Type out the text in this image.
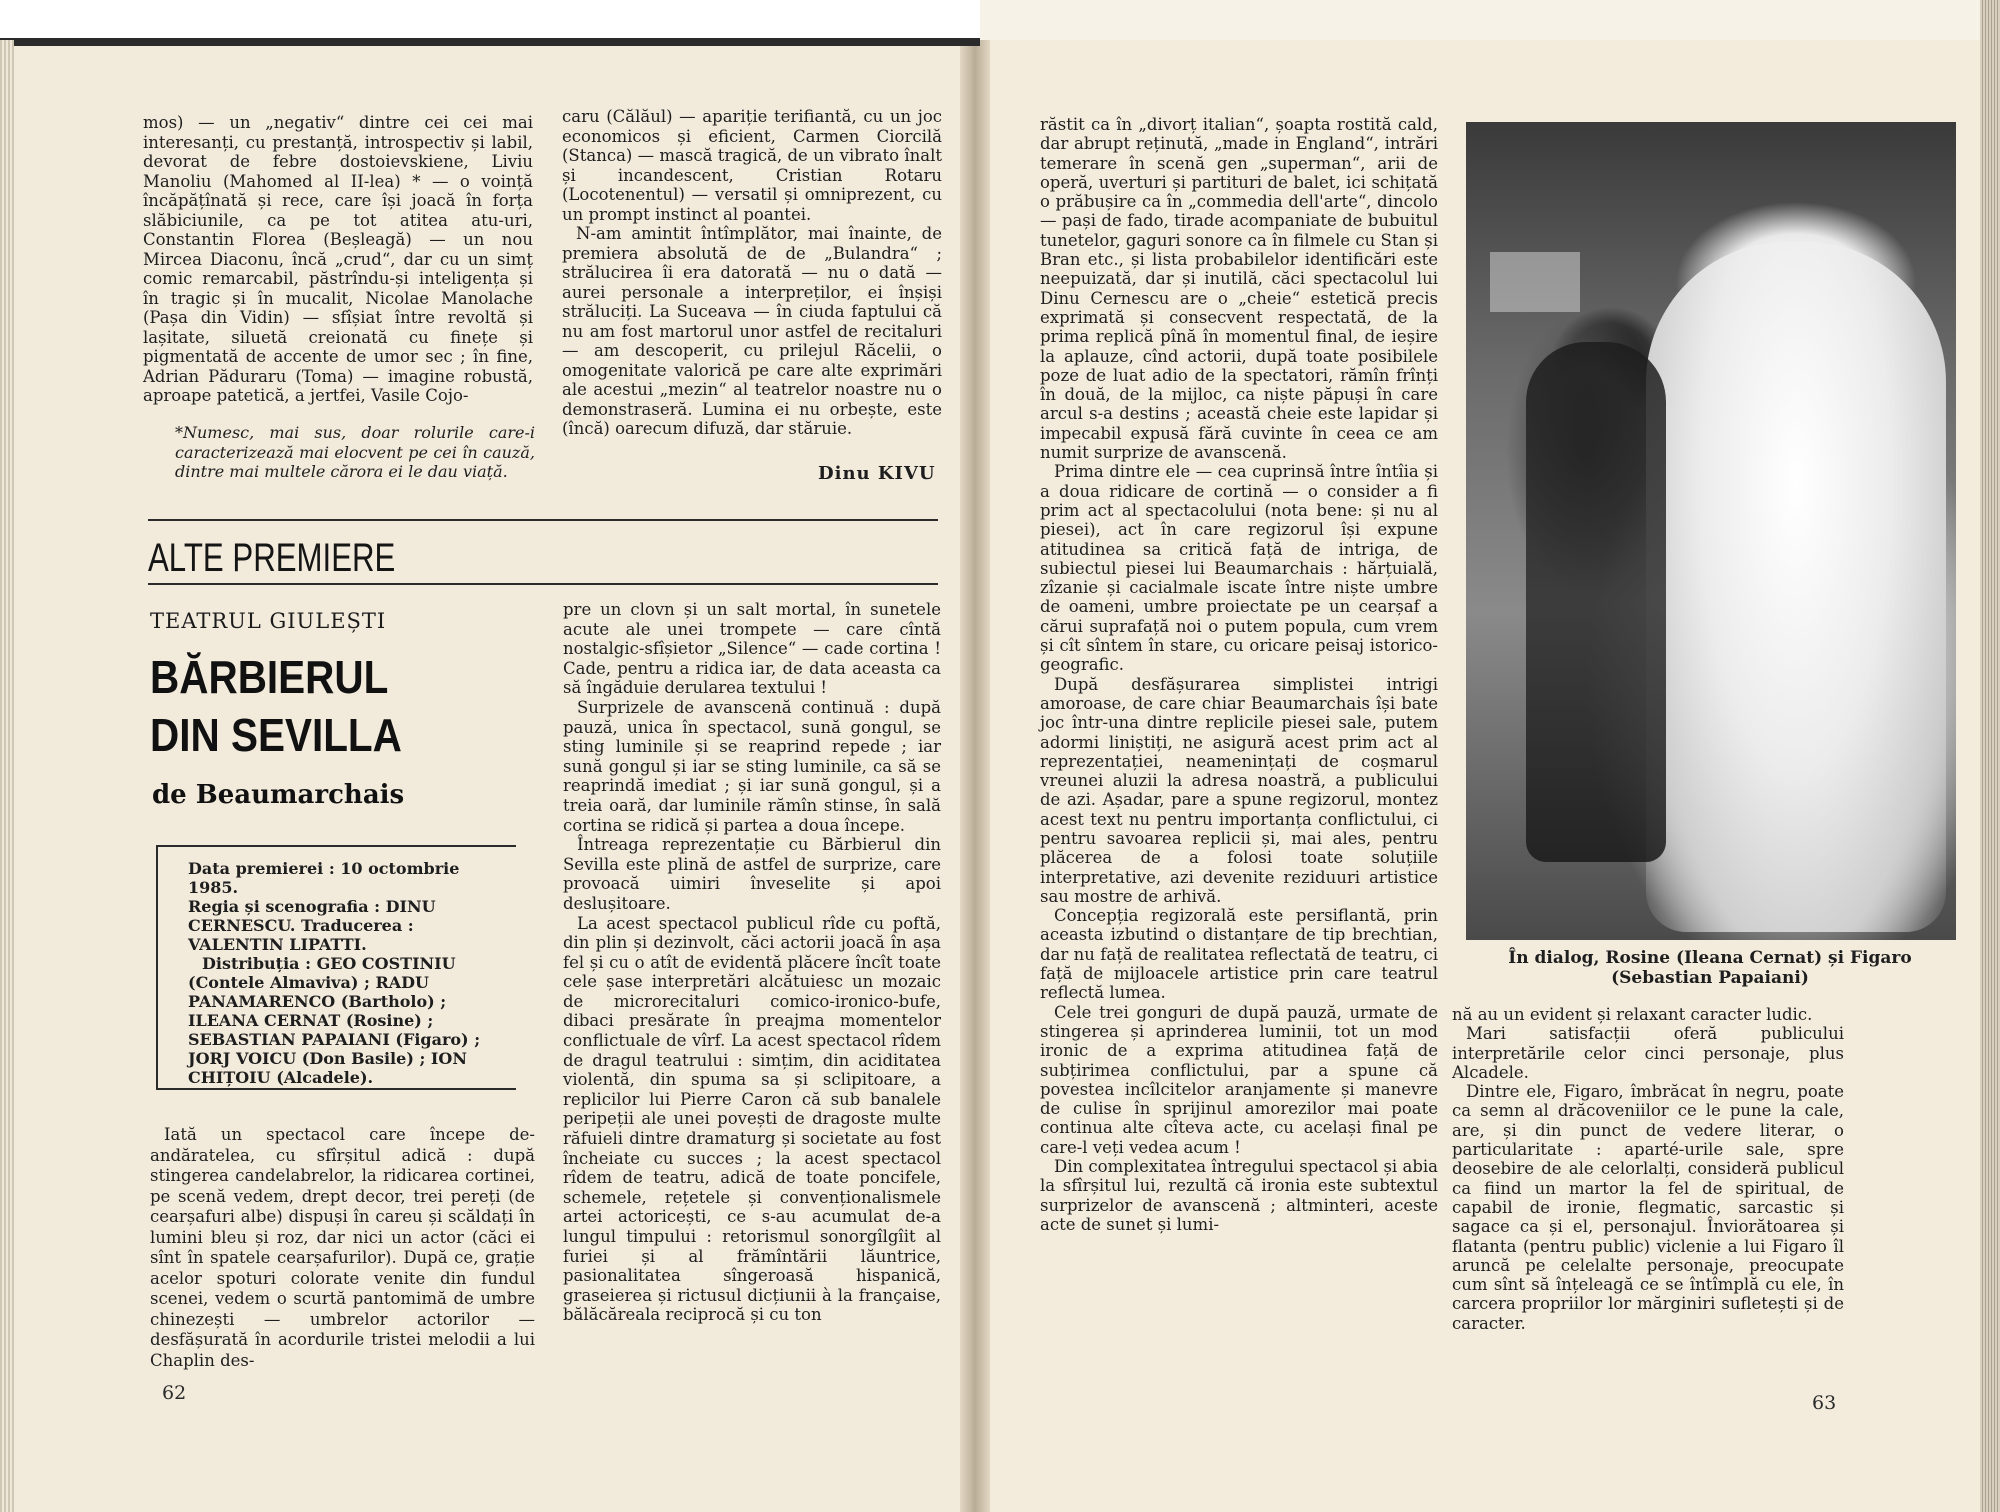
mos) — un „negativ“ dintre cei cei mai interesanți, cu prestanță, introspectiv și labil, devorat de febre dostoievskiene, Liviu Manoliu (Mahomed al II-lea) * — o voință încăpățînată și rece, care își joacă în forța slăbiciunile, ca pe tot atitea atu-uri, Constantin Florea (Beșleagă) — un nou Mircea Diaconu, încă „crud“, dar cu un simț comic remarcabil, păstrîndu-și inteligența și în tragic și în mucalit, Nicolae Manolache (Pașa din Vidin) — sfîșiat între revoltă și lașitate, siluetă creionată cu finețe și pigmentată de accente de umor sec ; în fine, Adrian Păduraru (Toma) — imagine robustă, aproape patetică, a jertfei, Vasile Cojo-

*Numesc, mai sus, doar rolurile care-i caracterizează mai elocvent pe cei în cauză, dintre mai multele cărora ei le dau viață.

caru (Călăul) — apariție terifiantă, cu un joc economicos și eficient, Carmen Ciorcilă (Stanca) — mască tragică, de un vibrato înalt și incandescent, Cristian Rotaru (Locotenentul) — versatil și omniprezent, cu un prompt instinct al poantei.

N-am amintit întîmplător, mai înainte, de premiera absolută de de „Bulandra“ ; strălucirea îi era datorată — nu o dată — aurei personale a interpreților, ei înșiși străluciți. La Suceava — în ciuda faptului că nu am fost martorul unor astfel de recitaluri — am descoperit, cu prilejul Răcelii, o omogenitate valorică pe care alte exprimări ale acestui „mezin“ al teatrelor noastre nu o demonstraseră. Lumina ei nu orbește, este (încă) oarecum difuză, dar stăruie.

Dinu KIVU
ALTE PREMIERE
TEATRUL GIULEȘTI
BĂRBIERUL DIN SEVILLA
de Beaumarchais

Data premierei : 10 octombrie 1985.

Regia și scenografia : DINU CERNESCU. Traducerea : VALENTIN LIPATTI.

Distribuția : GEO COSTINIU (Contele Almaviva) ; RADU PANAMARENCO (Bartholo) ; ILEANA CERNAT (Rosine) ; SEBASTIAN PAPAIANI (Figaro) ; JORJ VOICU (Don Basile) ; ION CHIȚOIU (Alcadele).

Iată un spectacol care începe de-andăratelea, cu sfîrșitul adică : după stingerea candelabrelor, la ridicarea cortinei, pe scenă vedem, drept decor, trei pereți (de cearșafuri albe) dispuși în careu și scăldați în lumini bleu și roz, dar nici un actor (căci ei sînt în spatele cearșafurilor). După ce, grație acelor spoturi colorate venite din fundul scenei, vedem o scurtă pantomimă de umbre chinezești — umbrelor actorilor — desfășurată în acordurile tristei melodii a lui Chaplin des-

pre un clovn și un salt mortal, în sunetele acute ale unei trompete — care cîntă nostalgic-sfîșietor „Silence“ — cade cortina ! Cade, pentru a ridica iar, de data aceasta ca să îngăduie derularea textului !

Surprizele de avanscenă continuă : după pauză, unica în spectacol, sună gongul, se sting luminile și se reaprind repede ; iar sună gongul și iar se sting luminile, ca să se reaprindă imediat ; și iar sună gongul, și a treia oară, dar luminile rămîn stinse, în sală cortina se ridică și partea a doua începe.

Întreaga reprezentație cu Bărbierul din Sevilla este plină de astfel de surprize, care provoacă uimiri înveselite și apoi deslușitoare.

La acest spectacol publicul rîde cu poftă, din plin și dezinvolt, căci actorii joacă în așa fel și cu o atît de evidentă plăcere încît toate cele șase interpretări alcătuiesc un mozaic de microrecitaluri comico-ironico-bufe, dibaci presărate în preajma momentelor conflictuale de vîrf. La acest spectacol rîdem de dragul teatrului : simțim, din aciditatea violentă, din spuma sa și sclipitoare, a replicilor lui Pierre Caron că sub banalele peripeții ale unei povești de dragoste multe răfuieli dintre dramaturg și societate au fost încheiate cu succes ; la acest spectacol rîdem de teatru, adică de toate poncifele, schemele, rețetele și convenționalismele artei actoricești, ce s-au acumulat de-a lungul timpului : retorismul sonorgîlgîit al furiei și al frămîntării lăuntrice, pasionalitatea sîngeroasă hispanică, graseierea și rictusul dicțiunii à la française, bălăcăreala reciprocă și cu ton

62

răstit ca în „divorț italian“, șoapta rostită cald, dar abrupt reținută, „made in England“, intrări temerare în scenă gen „superman“, arii de operă, uverturi și partituri de balet, ici schițată o prăbușire ca în „commedia dell'arte“, dincolo — pași de fado, tirade acompaniate de bubuitul tunetelor, gaguri sonore ca în filmele cu Stan și Bran etc., și lista probabilelor identificări este neepuizată, dar și inutilă, căci spectacolul lui Dinu Cernescu are o „cheie“ estetică precis exprimată și consecvent respectată, de la prima replică pînă în momentul final, de ieșire la aplauze, cînd actorii, după toate posibilele poze de luat adio de la spectatori, rămîn frînți în două, de la mijloc, ca niște păpuși în care arcul s-a destins ; această cheie este lapidar și impecabil expusă fără cuvinte în ceea ce am numit surprize de avanscenă.

Prima dintre ele — cea cuprinsă între întîia și a doua ridicare de cortină — o consider a fi prim act al spectacolului (nota bene: și nu al piesei), act în care regizorul își expune atitudinea sa critică față de intriga, de subiectul piesei lui Beaumarchais : hărțuială, zîzanie și cacialmale iscate între niște umbre de oameni, umbre proiectate pe un cearșaf a cărui suprafață noi o putem popula, cum vrem și cît sîntem în stare, cu oricare peisaj istorico-geografic.

După desfășurarea simplistei intrigi amoroase, de care chiar Beaumarchais își bate joc într-una dintre replicile piesei sale, putem adormi liniștiți, ne asigură acest prim act al reprezentației, neamenințați de coșmarul vreunei aluzii la adresa noastră, a publicului de azi. Așadar, pare a spune regizorul, montez acest text nu pentru importanța conflictului, ci pentru savoarea replicii și, mai ales, pentru plăcerea de a folosi toate soluțiile interpretative, azi devenite reziduuri artistice sau mostre de arhivă.

Concepția regizorală este persiflantă, prin aceasta izbutind o distanțare de tip brechtian, dar nu față de realitatea reflectată de teatru, ci față de mijloacele artistice prin care teatrul reflectă lumea.

Cele trei gonguri de după pauză, urmate de stingerea și aprinderea luminii, tot un mod ironic de a exprima atitudinea față de subțirimea conflictului, par a spune că povestea incîlcitelor aranjamente și manevre de culise în sprijinul amorezilor mai poate continua alte cîteva acte, cu același final pe care-l veți vedea acum !

Din complexitatea întregului spectacol și abia la sfîrșitul lui, rezultă că ironia este subtextul surprizelor de avanscenă ; altminteri, aceste acte de sunet și lumi-

În dialog, Rosine (Ileana Cernat) și Figaro (Sebastian Papaiani)

nă au un evident și relaxant caracter ludic.

Mari satisfacții oferă publicului interpretările celor cinci personaje, plus Alcadele.

Dintre ele, Figaro, îmbrăcat în negru, poate ca semn al drăcoveniilor ce le pune la cale, are, și din punct de vedere literar, o particularitate : aparté-urile sale, spre deosebire de ale celorlalți, consideră publicul ca fiind un martor la fel de spiritual, de capabil de ironie, flegmatic, sarcastic și sagace ca și el, personajul. Înviorătoarea și flatanta (pentru public) viclenie a lui Figaro îl aruncă pe celelalte personaje, preocupate cum sînt să înțeleagă ce se întîmplă cu ele, în carcera propriilor lor mărginiri sufletești și de caracter.

63
